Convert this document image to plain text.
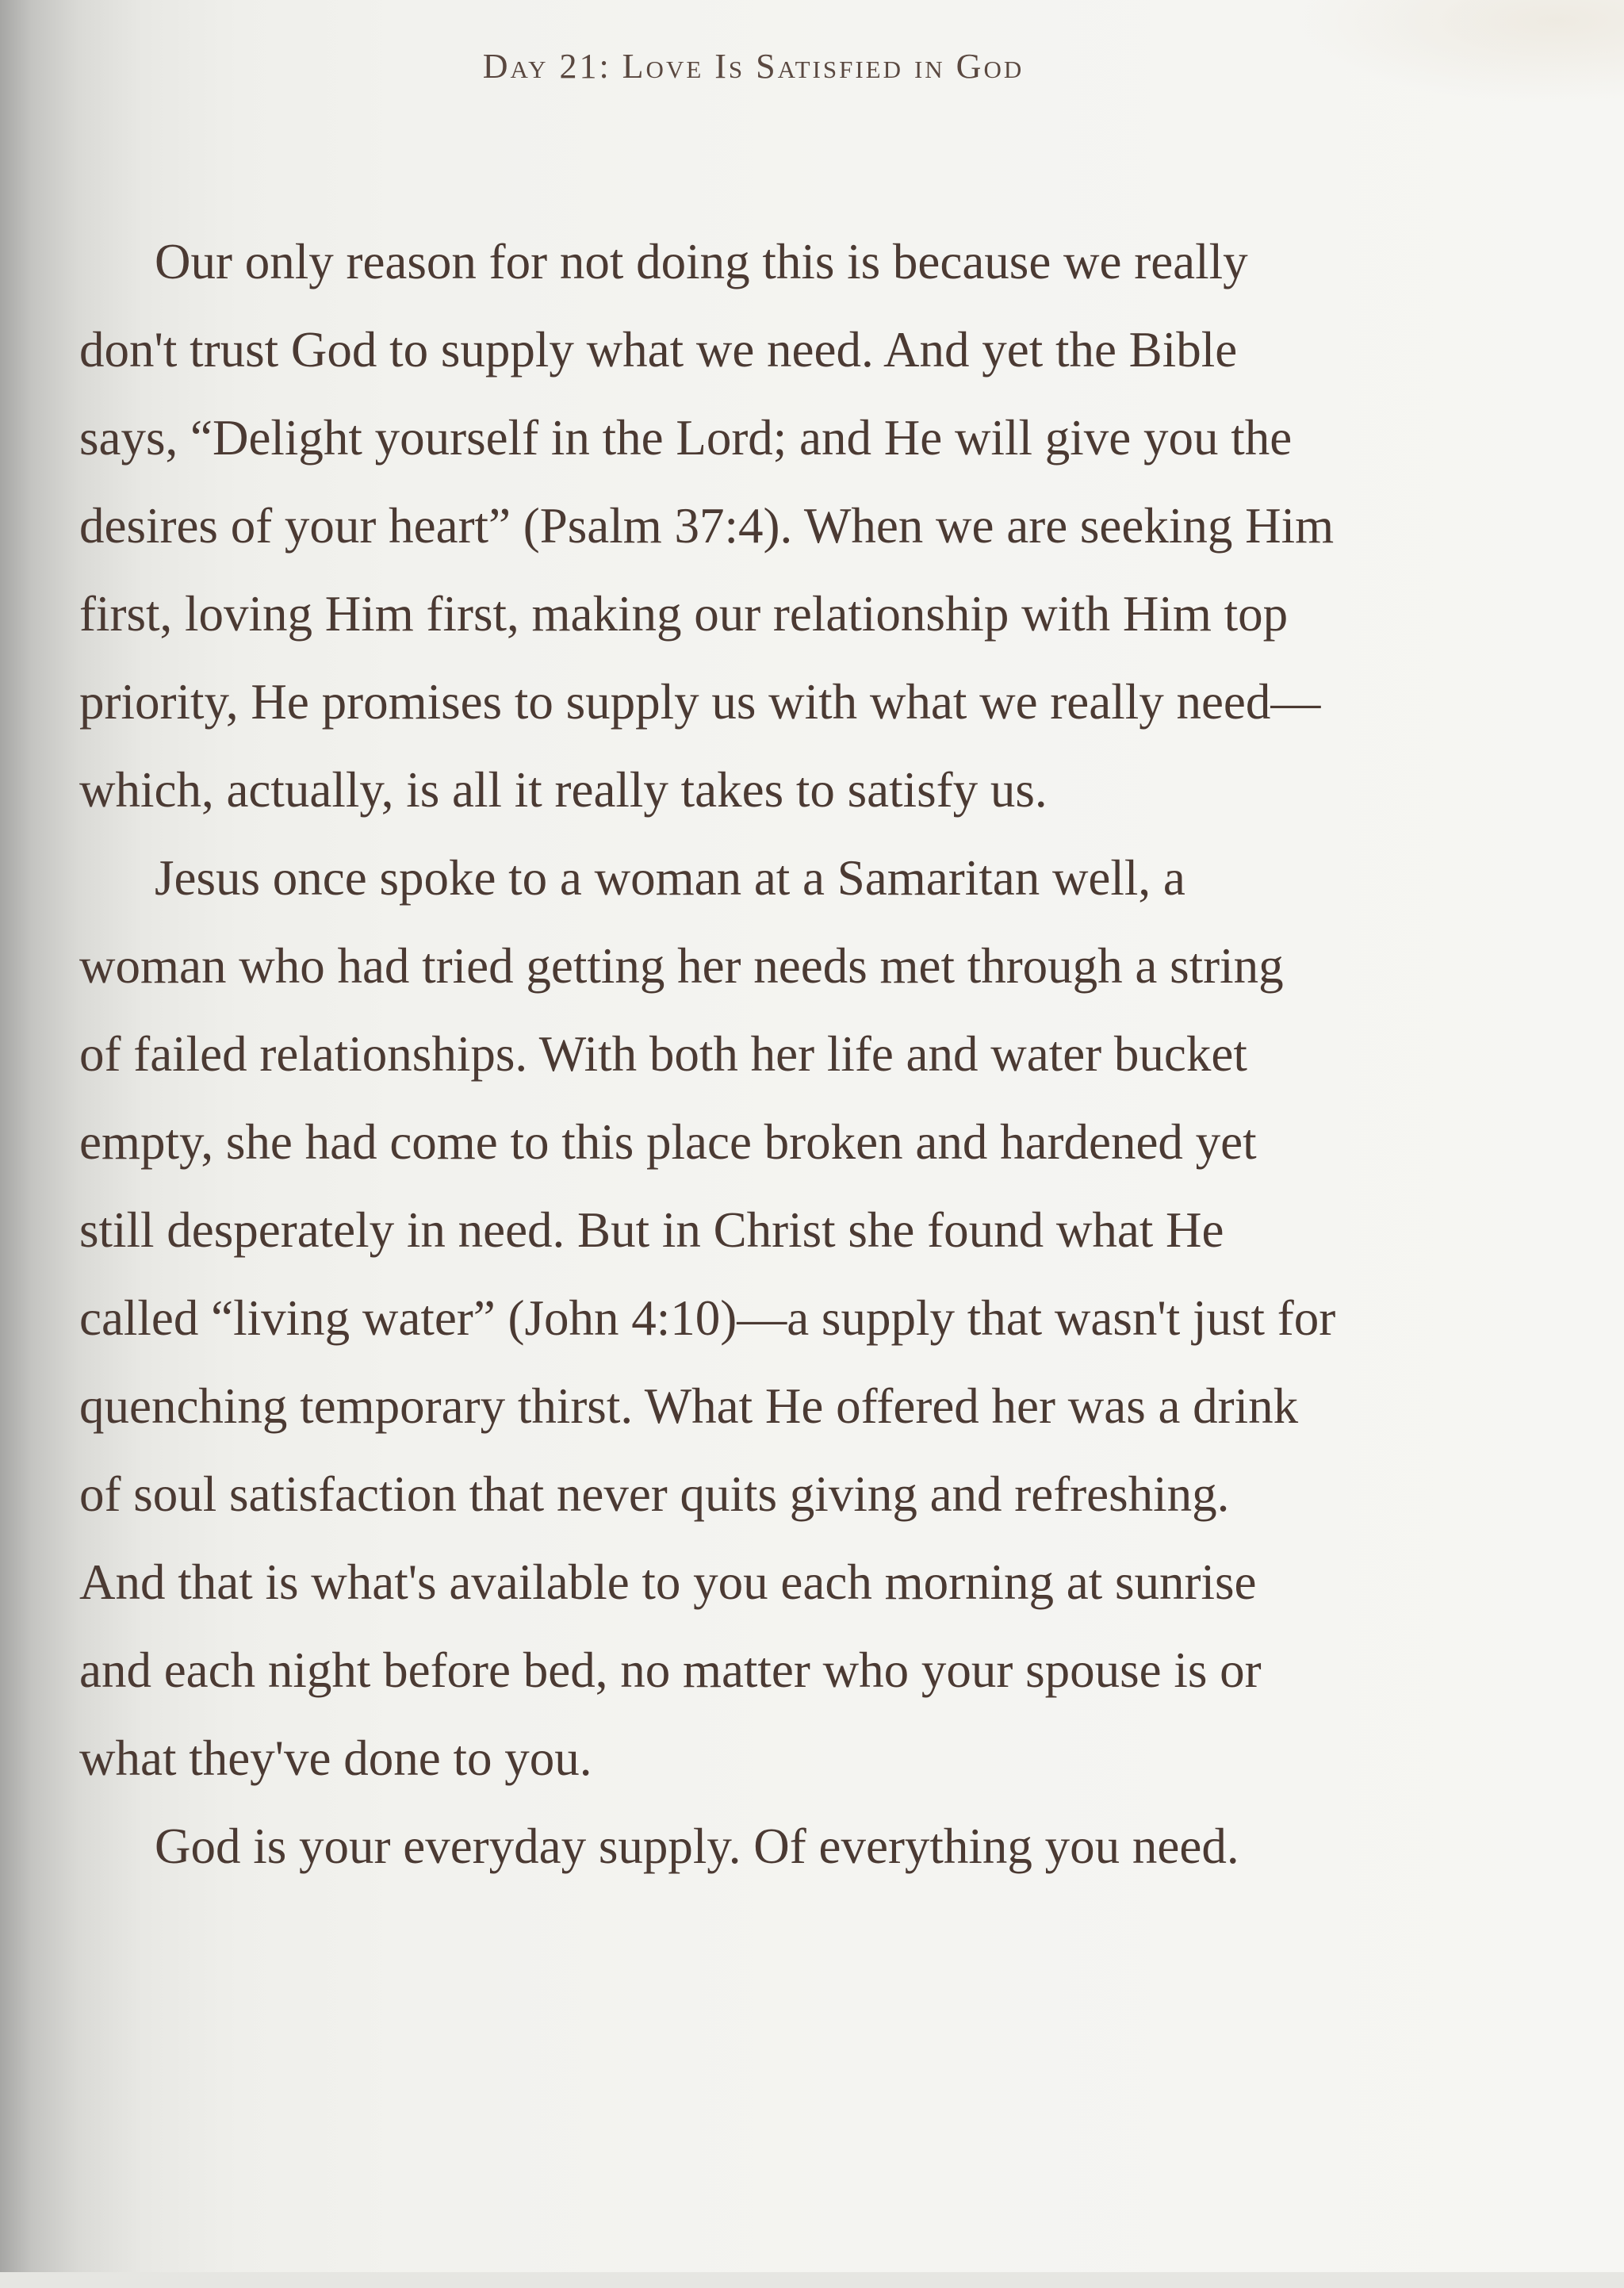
Day 21: Love Is Satisfied in God
Our only reason for not doing this is because we really
don't trust God to supply what we need. And yet the Bible
says, “Delight yourself in the Lord; and He will give you the
desires of your heart” (Psalm 37:4). When we are seeking Him
first, loving Him first, making our relationship with Him top
priority, He promises to supply us with what we really need—
which, actually, is all it really takes to satisfy us.
Jesus once spoke to a woman at a Samaritan well, a
woman who had tried getting her needs met through a string
of failed relationships. With both her life and water bucket
empty, she had come to this place broken and hardened yet
still desperately in need. But in Christ she found what He
called “living water” (John 4:10)—a supply that wasn't just for
quenching temporary thirst. What He offered her was a drink
of soul satisfaction that never quits giving and refreshing.
And that is what's available to you each morning at sunrise
and each night before bed, no matter who your spouse is or
what they've done to you.
God is your everyday supply. Of everything you need.
